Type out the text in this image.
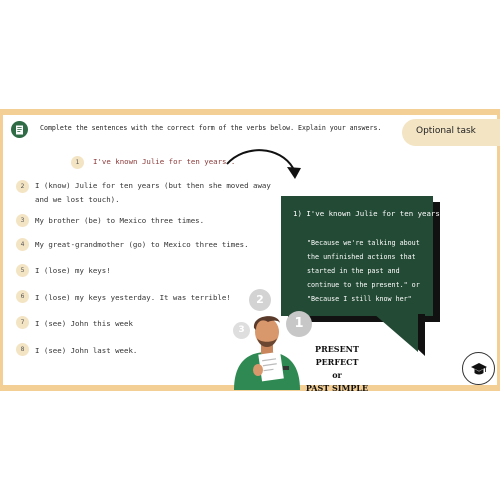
Complete the sentences with the correct form of the verbs below. Explain your answers.	Optional task
1	I've known Julie for ten years .
2	I (know) Julie for ten years (but then she moved away
and we lost touch).
3	My brother (be) to Mexico three times.
4	My great-grandmother (go) to Mexico three times.
5	I (lose) my keys!
6	I (lose) my keys yesterday. It was terrible!
7	I (see) John this week
8	I (see) John last week.
1) I've known Julie for ten years.
"Because we're talking about the unfinished actions that started in the past and continue to the present." or "Because I still know her"
2
3	1
PRESENT PERFECT
or
PAST SIMPLE
